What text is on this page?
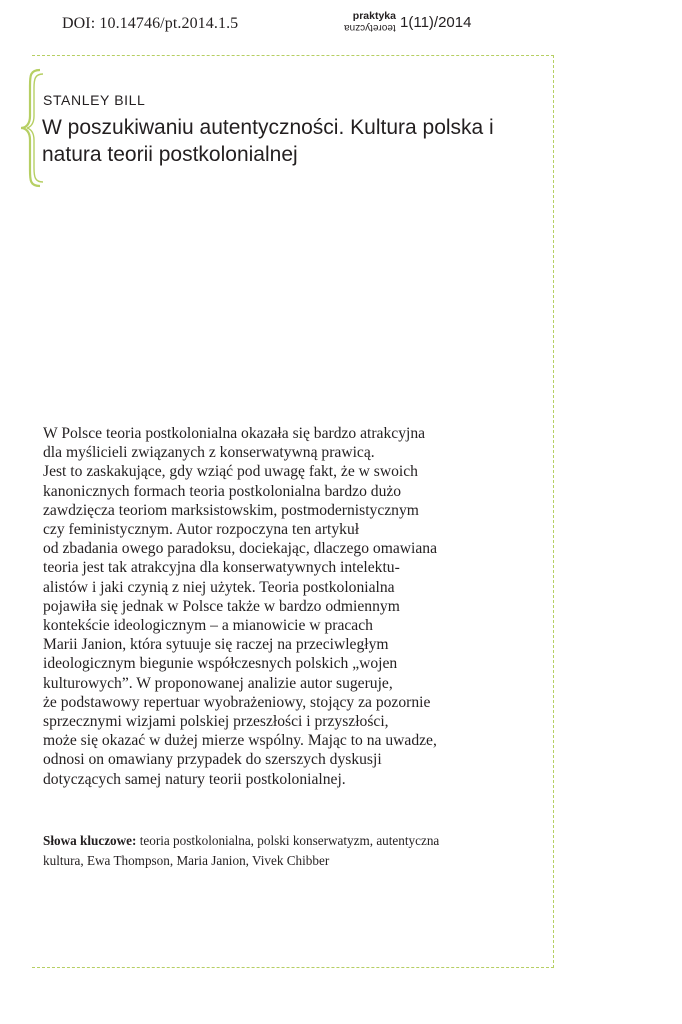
DOI: 10.14746/pt.2014.1.5	praktyka
teoretyczna 1(11)/2014
STANLEY BILL
W poszukiwaniu autentyczności. Kultura polska i natura teorii postkolonialnej
W Polsce teoria postkolonialna okazała się bardzo atrakcyjna
dla myślicieli związanych z konserwatywną prawicą.
Jest to zaskakujące, gdy wziąć pod uwagę fakt, że w swoich
kanonicznych formach teoria postkolonialna bardzo dużo
zawdzięcza teoriom marksistowskim, postmodernistycznym
czy feministycznym. Autor rozpoczyna ten artykuł
od zbadania owego paradoksu, dociekając, dlaczego omawiana
teoria jest tak atrakcyjna dla konserwatywnych intelektu-
alistów i jaki czynią z niej użytek. Teoria postkolonialna
pojawiła się jednak w Polsce także w bardzo odmiennym
kontekście ideologicznym – a mianowicie w pracach
Marii Janion, która sytuuje się raczej na przeciwległym
ideologicznym biegunie współczesnych polskich „wojen
kulturowych”. W proponowanej analizie autor sugeruje,
że podstawowy repertuar wyobrażeniowy, stojący za pozornie
sprzecznymi wizjami polskiej przeszłości i przyszłości,
może się okazać w dużej mierze wspólny. Mając to na uwadze,
odnosi on omawiany przypadek do szerszych dyskusji
dotyczących samej natury teorii postkolonialnej.
Słowa kluczowe: teoria postkolonialna, polski konserwatyzm, autentyczna
kultura, Ewa Thompson, Maria Janion, Vivek Chibber
